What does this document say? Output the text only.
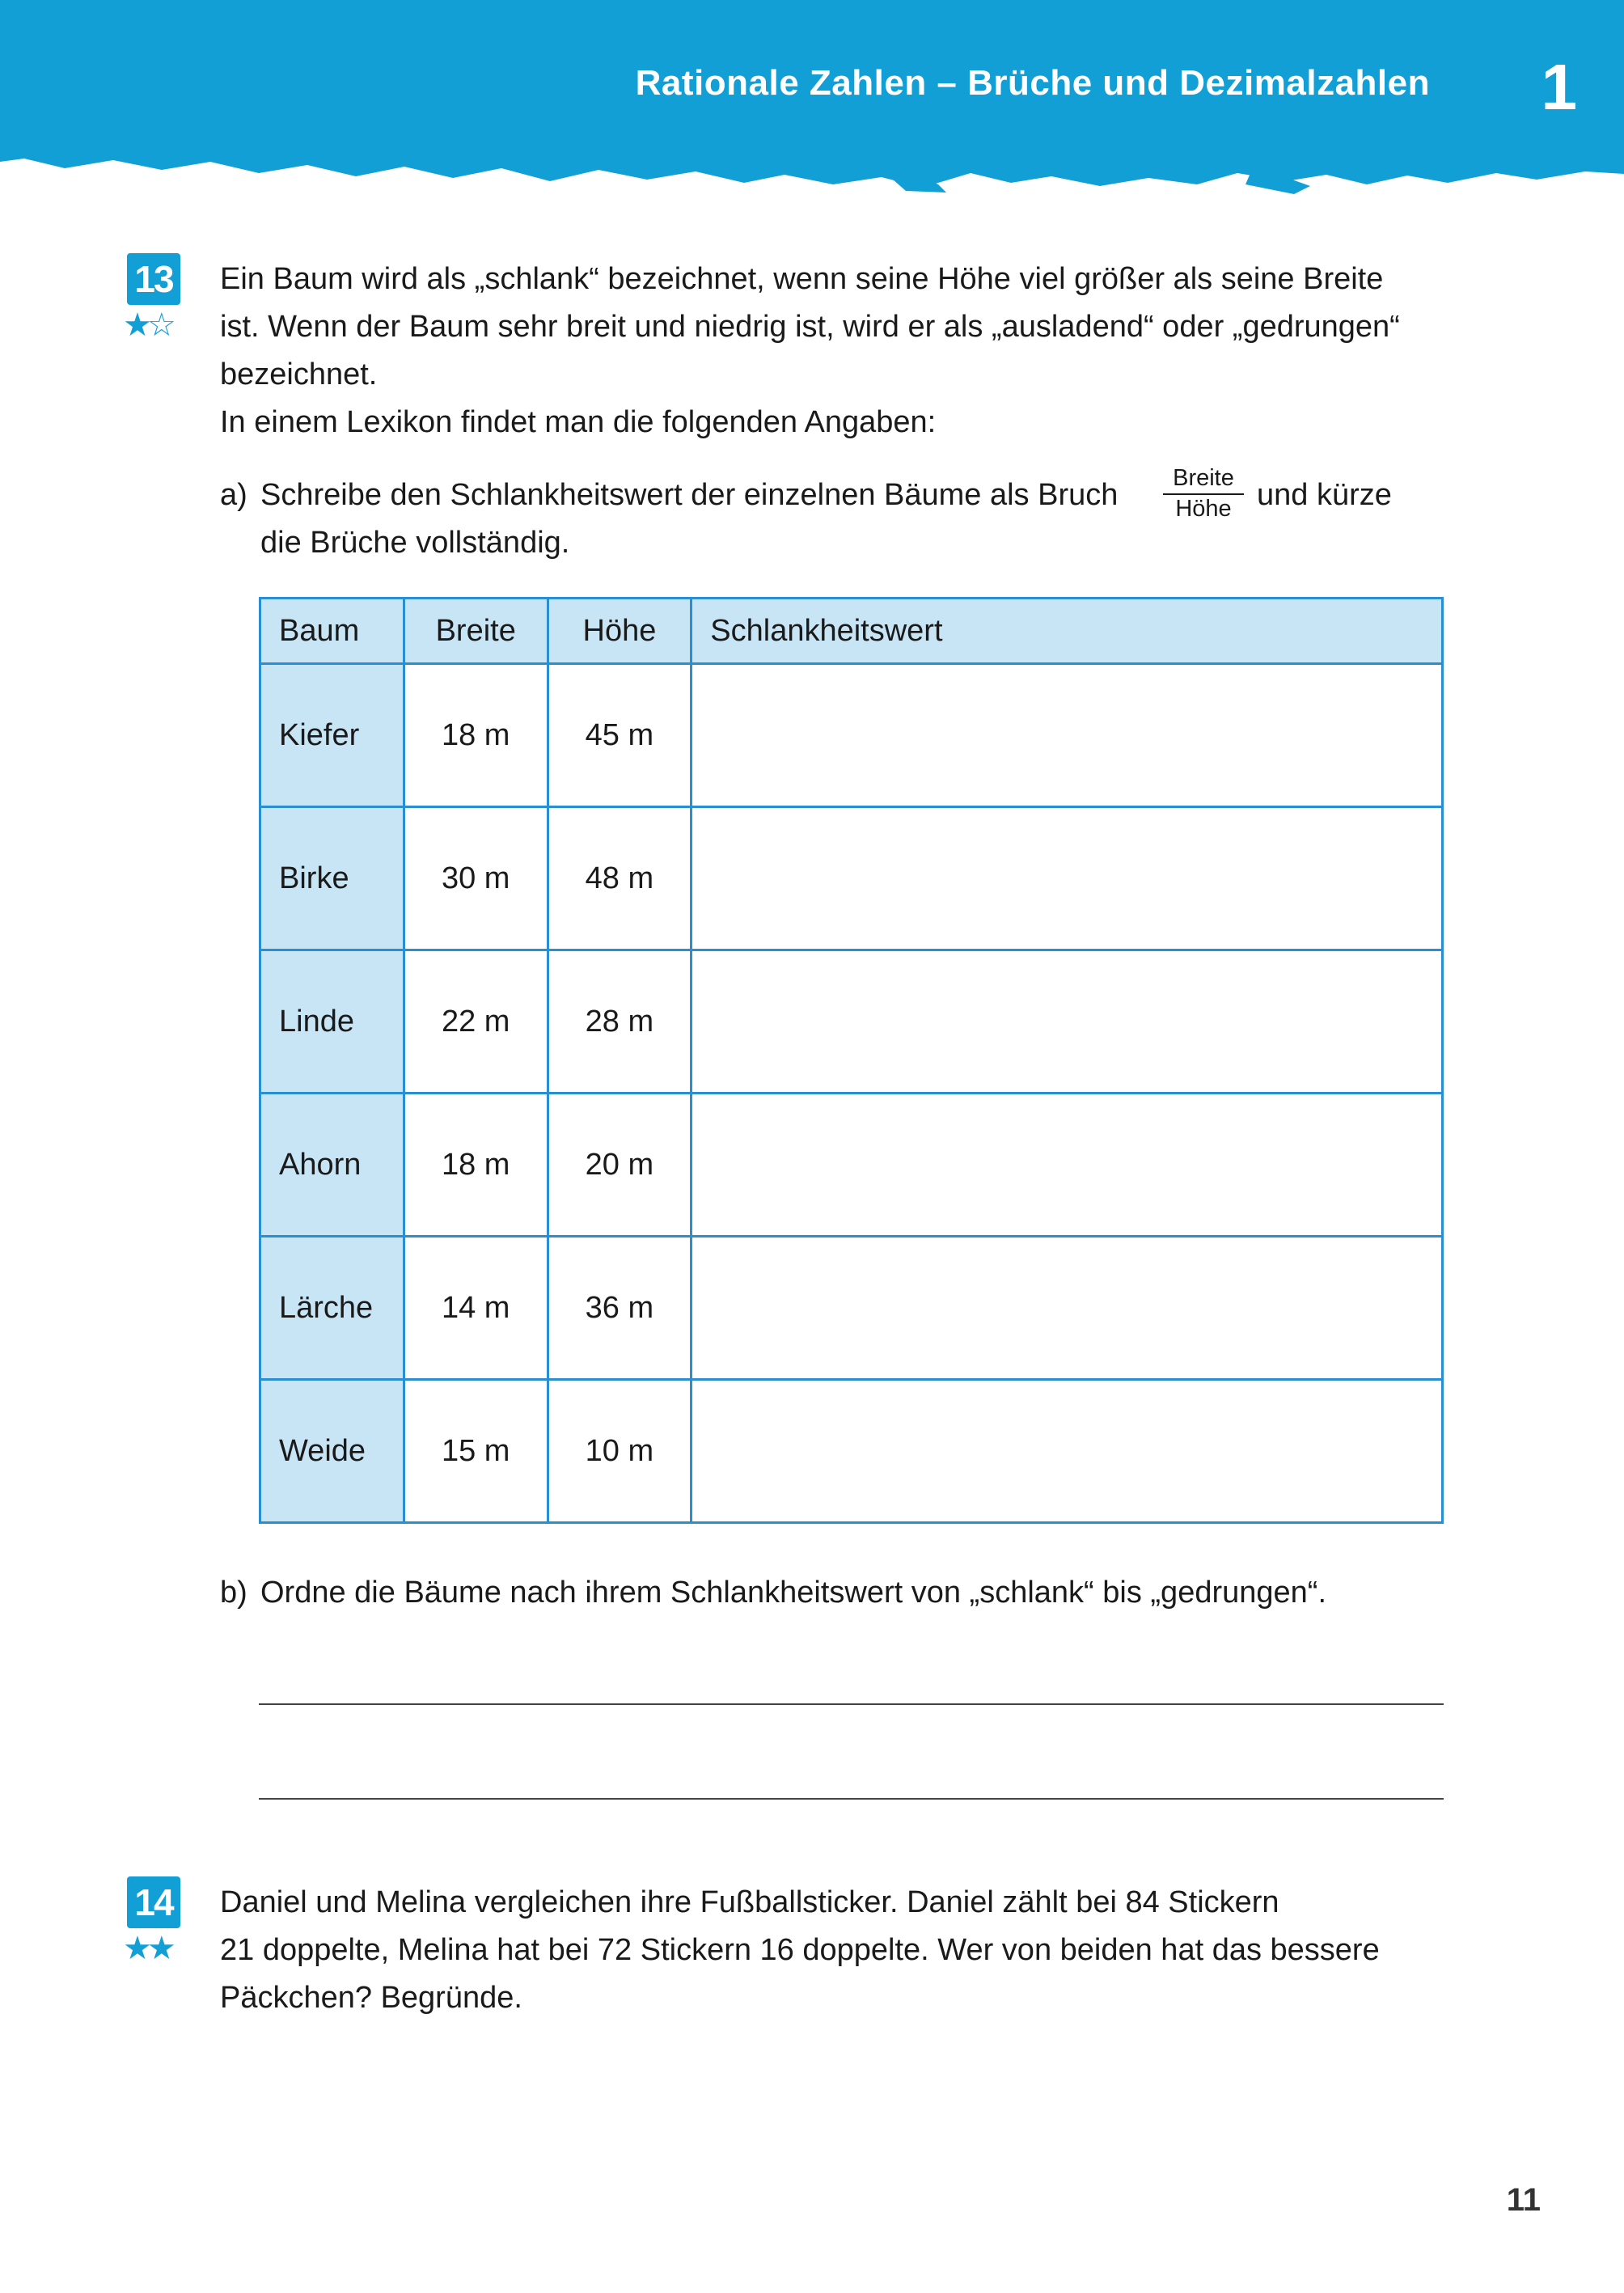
Rationale Zahlen – Brüche und Dezimalzahlen 1
13
★☆
Ein Baum wird als „schlank“ bezeichnet, wenn seine Höhe viel größer als seine Breite
ist. Wenn der Baum sehr breit und niedrig ist, wird er als „ausladend“ oder „gedrungen“
bezeichnet.
In einem Lexikon findet man die folgenden Angaben:
a) Schreibe den Schlankheitswert der einzelnen Bäume als Bruch
die Brüche vollständig.
Breite
Höhe und kürze
Baum	Breite	Höhe	Schlankheitswert
Kiefer	18 m	45 m	
Birke	30 m	48 m	
Linde	22 m	28 m	
Ahorn	18 m	20 m	
Lärche	14 m	36 m	
Weide	15 m	10 m	
b) Ordne die Bäume nach ihrem Schlankheitswert von „schlank“ bis „gedrungen“.
14
★★
Daniel und Melina vergleichen ihre Fußballsticker. Daniel zählt bei 84 Stickern
21 doppelte, Melina hat bei 72 Stickern 16 doppelte. Wer von beiden hat das bessere
Päckchen? Begründe.
11
